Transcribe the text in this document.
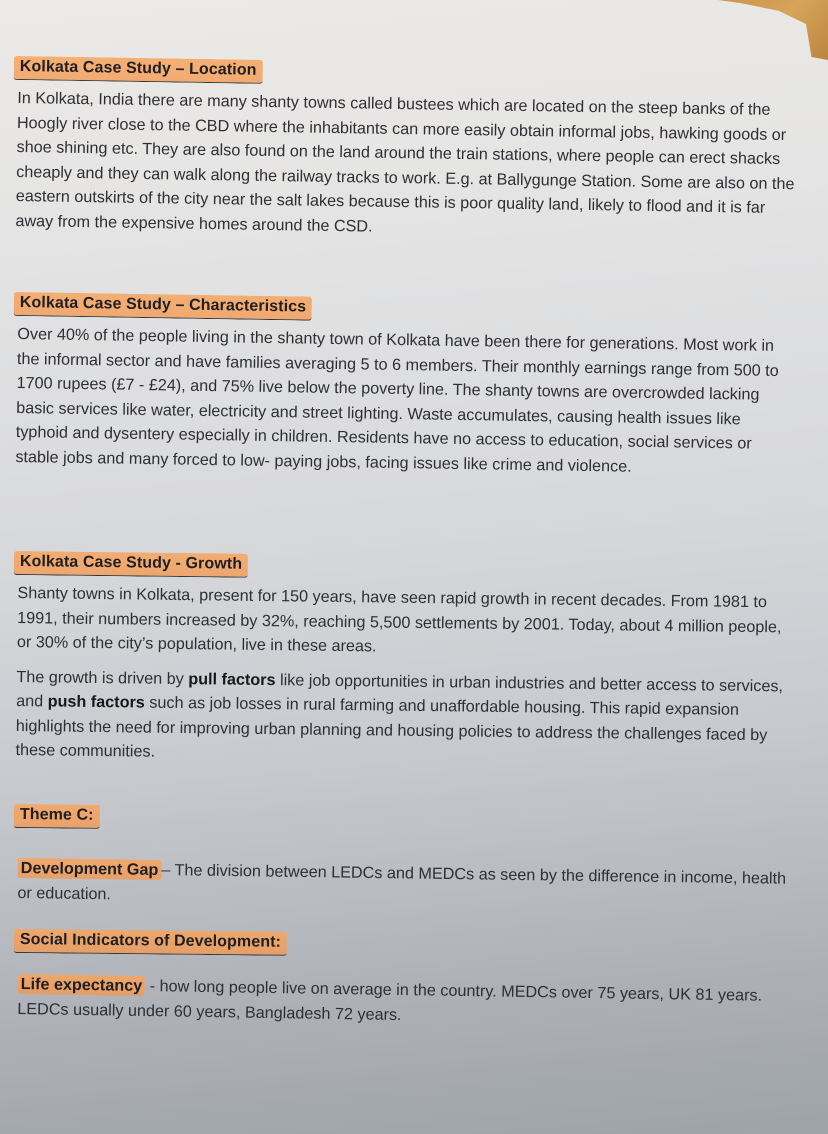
Kolkata Case Study – Location

In Kolkata, India there are many shanty towns called bustees which are located on the steep banks of the Hoogly river close to the CBD where the inhabitants can more easily obtain informal jobs, hawking goods or shoe shining etc. They are also found on the land around the train stations, where people can erect shacks cheaply and they can walk along the railway tracks to work. E.g. at Ballygunge Station. Some are also on the eastern outskirts of the city near the salt lakes because this is poor quality land, likely to flood and it is far away from the expensive homes around the CSD.

Kolkata Case Study – Characteristics

Over 40% of the people living in the shanty town of Kolkata have been there for generations. Most work in the informal sector and have families averaging 5 to 6 members. Their monthly earnings range from 500 to 1700 rupees (£7 - £24), and 75% live below the poverty line. The shanty towns are overcrowded lacking basic services like water, electricity and street lighting. Waste accumulates, causing health issues like typhoid and dysentery especially in children. Residents have no access to education, social services or stable jobs and many forced to low- paying jobs, facing issues like crime and violence.

Kolkata Case Study - Growth

Shanty towns in Kolkata, present for 150 years, have seen rapid growth in recent decades. From 1981 to 1991, their numbers increased by 32%, reaching 5,500 settlements by 2001. Today, about 4 million people, or 30% of the city’s population, live in these areas.

The growth is driven by pull factors like job opportunities in urban industries and better access to services, and push factors such as job losses in rural farming and unaffordable housing. This rapid expansion highlights the need for improving urban planning and housing policies to address the challenges faced by these communities.

Theme C:

Development Gap – The division between LEDCs and MEDCs as seen by the difference in income, health or education.

Social Indicators of Development:

Life expectancy - how long people live on average in the country. MEDCs over 75 years, UK 81 years. LEDCs usually under 60 years, Bangladesh 72 years.
